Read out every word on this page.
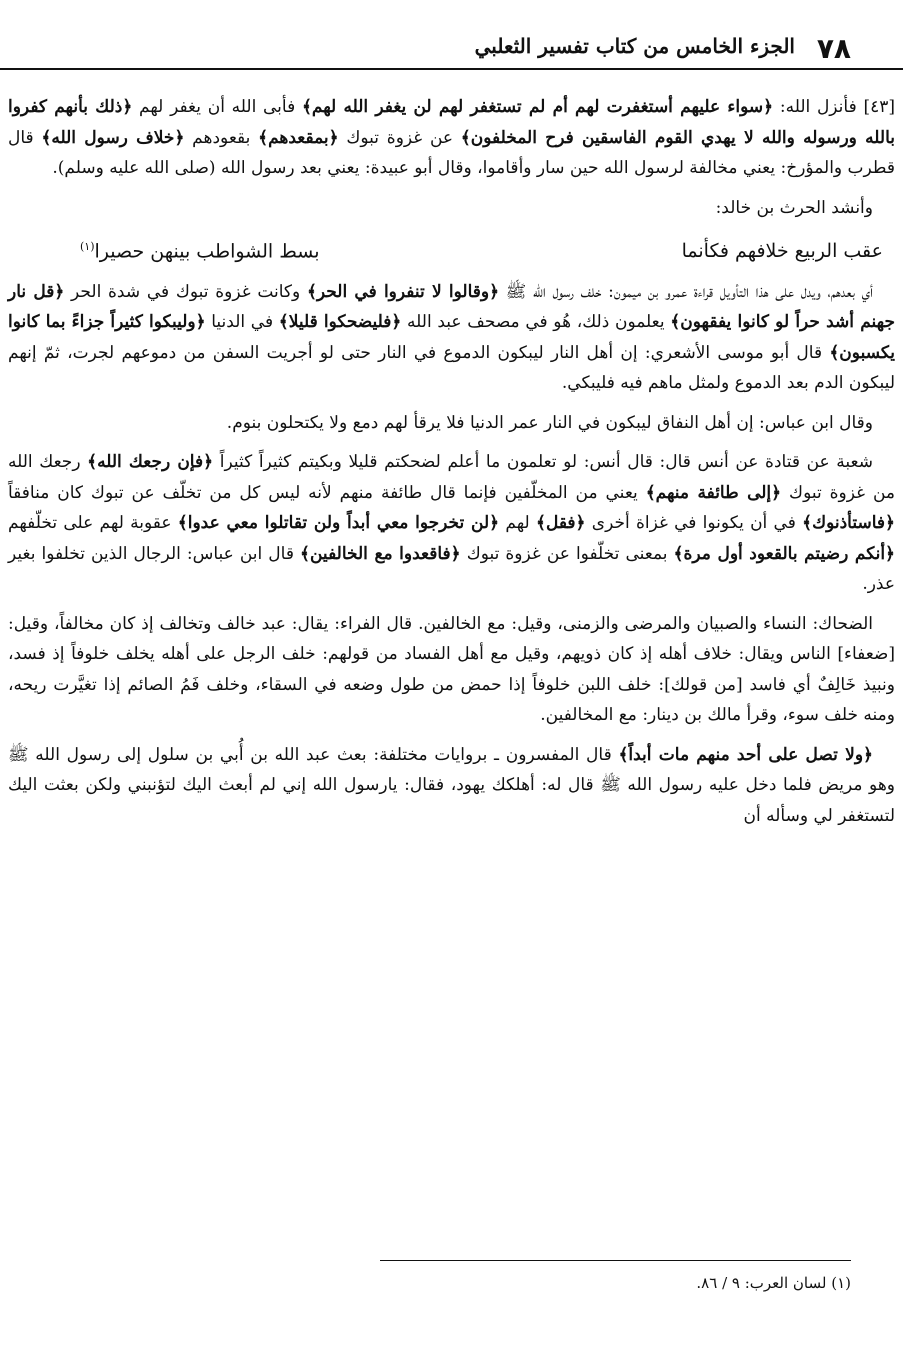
٧٨
الجزء الخامس من كتاب تفسير الثعلبي

[٤٣] فأنزل الله: ﴿سواء عليهم أستغفرت لهم أم لم تستغفر لهم لن يغفر الله لهم﴾ فأبى الله أن يغفر لهم ﴿ذلك بأنهم كفروا بالله ورسوله والله لا يهدي القوم الفاسقين فرح المخلفون﴾ عن غزوة تبوك ﴿بمقعدهم﴾ بقعودهم ﴿خلاف رسول الله﴾ قال قطرب والمؤرخ: يعني مخالفة لرسول الله حين سار وأقاموا، وقال أبو عبيدة: يعني بعد رسول الله (صلى الله عليه وسلم).

وأنشد الحرث بن خالد:

عقب الربيع خلافهم فكأنما
بسط الشواطب بينهن حصيرا$^{(١)}$

أي بعدهم، ويدل على هذا التأويل قراءة عمرو بن ميمون: خلف رسول الله ﷺ ﴿وقالوا لا تنفروا في الحر﴾ وكانت غزوة تبوك في شدة الحر ﴿قل نار جهنم أشد حراً لو كانوا يفقهون﴾ يعلمون ذلك، هُو في مصحف عبد الله ﴿فليضحكوا قليلا﴾ في الدنيا ﴿وليبكوا كثيراً جزاءً بما كانوا يكسبون﴾ قال أبو موسى الأشعري: إن أهل النار ليبكون الدموع في النار حتى لو أجريت السفن من دموعهم لجرت، ثمّ إنهم ليبكون الدم بعد الدموع ولمثل ماهم فيه فليبكي.

وقال ابن عباس: إن أهل النفاق ليبكون في النار عمر الدنيا فلا يرقأ لهم دمع ولا يكتحلون بنوم.

شعبة عن قتادة عن أنس قال: قال أنس: لو تعلمون ما أعلم لضحكتم قليلا وبكيتم كثيراً كثيراً ﴿فإن رجعك الله﴾ رجعك الله من غزوة تبوك ﴿إلى طائفة منهم﴾ يعني من المخلّفين فإنما قال طائفة منهم لأنه ليس كل من تخلّف عن تبوك كان منافقاً ﴿فاستأذنوك﴾ في أن يكونوا في غزاة أخرى ﴿فقل﴾ لهم ﴿لن تخرجوا معي أبداً ولن تقاتلوا معي عدوا﴾ عقوبة لهم على تخلّفهم ﴿أنكم رضيتم بالقعود أول مرة﴾ بمعنى تخلّفوا عن غزوة تبوك ﴿فاقعدوا مع الخالفين﴾ قال ابن عباس: الرجال الذين تخلفوا بغير عذر.

الضحاك: النساء والصبيان والمرضى والزمنى، وقيل: مع الخالفين. قال الفراء: يقال: عبد خالف وتخالف إذ كان مخالفاً، وقيل: [ضعفاء] الناس ويقال: خلاف أهله إذ كان ذويهم، وقيل مع أهل الفساد من قولهم: خلف الرجل على أهله يخلف خلوفاً إذ فسد، ونبيذ خَالِفٌ أي فاسد [من قولك]: خلف اللبن خلوفاً إذا حمض من طول وضعه في السقاء، وخلف فَمُ الصائم إذا تغيَّرت ريحه، ومنه خلف سوء، وقرأ مالك بن دينار: مع المخالفين.

﴿ولا تصل على أحد منهم مات أبداً﴾ قال المفسرون ـ بروايات مختلفة: بعث عبد الله بن أُبي بن سلول إلى رسول الله ﷺ وهو مريض فلما دخل عليه رسول الله ﷺ قال له: أهلكك يهود، فقال: يارسول الله إني لم أبعث اليك لتؤنبني ولكن بعثت اليك لتستغفر لي وسأله أن

(١) لسان العرب: ٩ / ٨٦.
